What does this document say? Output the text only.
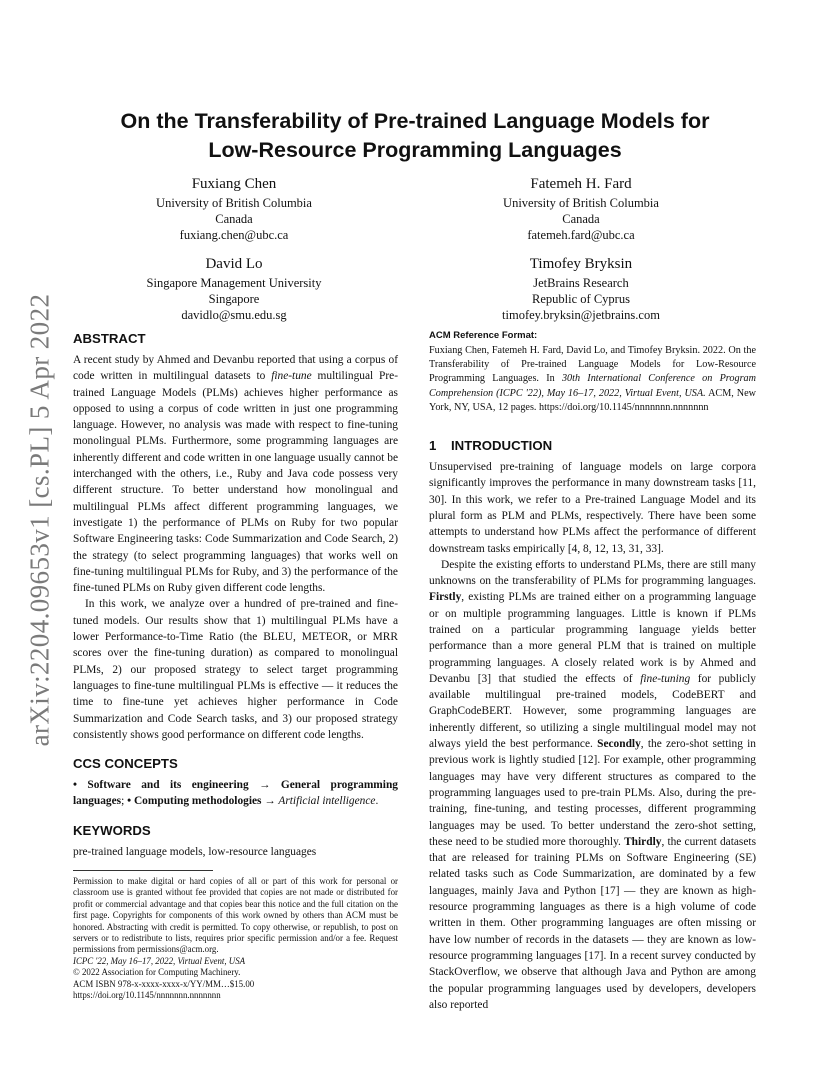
arXiv:2204.09653v1 [cs.PL] 5 Apr 2022
On the Transferability of Pre-trained Language Models for
Low-Resource Programming Languages
Fuxiang Chen
University of British Columbia
Canada
fuxiang.chen@ubc.ca
Fatemeh H. Fard
University of British Columbia
Canada
fatemeh.fard@ubc.ca
David Lo
Singapore Management University
Singapore
davidlo@smu.edu.sg
Timofey Bryksin
JetBrains Research
Republic of Cyprus
timofey.bryksin@jetbrains.com
ABSTRACT

A recent study by Ahmed and Devanbu reported that using a corpus of code written in multilingual datasets to fine-tune multilingual Pre-trained Language Models (PLMs) achieves higher performance as opposed to using a corpus of code written in just one programming language. However, no analysis was made with respect to fine-tuning monolingual PLMs. Furthermore, some programming languages are inherently different and code written in one language usually cannot be interchanged with the others, i.e., Ruby and Java code possess very different structure. To better understand how monolingual and multilingual PLMs affect different programming languages, we investigate 1) the performance of PLMs on Ruby for two popular Software Engineering tasks: Code Summarization and Code Search, 2) the strategy (to select programming languages) that works well on fine-tuning multilingual PLMs for Ruby, and 3) the performance of the fine-tuned PLMs on Ruby given different code lengths.

In this work, we analyze over a hundred of pre-trained and fine-tuned models. Our results show that 1) multilingual PLMs have a lower Performance-to-Time Ratio (the BLEU, METEOR, or MRR scores over the fine-tuning duration) as compared to monolingual PLMs, 2) our proposed strategy to select target programming languages to fine-tune multilingual PLMs is effective — it reduces the time to fine-tune yet achieves higher performance in Code Summarization and Code Search tasks, and 3) our proposed strategy consistently shows good performance on different code lengths.

CCS CONCEPTS

• Software and its engineering → General programming languages; • Computing methodologies → Artificial intelligence.

KEYWORDS

pre-trained language models, low-resource languages

Permission to make digital or hard copies of all or part of this work for personal or classroom use is granted without fee provided that copies are not made or distributed for profit or commercial advantage and that copies bear this notice and the full citation on the first page. Copyrights for components of this work owned by others than ACM must be honored. Abstracting with credit is permitted. To copy otherwise, or republish, to post on servers or to redistribute to lists, requires prior specific permission and/or a fee. Request permissions from permissions@acm.org.
ICPC '22, May 16–17, 2022, Virtual Event, USA
© 2022 Association for Computing Machinery.
ACM ISBN 978-x-xxxx-xxxx-x/YY/MM…$15.00
https://doi.org/10.1145/nnnnnnn.nnnnnnn
ACM Reference Format:

Fuxiang Chen, Fatemeh H. Fard, David Lo, and Timofey Bryksin. 2022. On the Transferability of Pre-trained Language Models for Low-Resource Programming Languages. In 30th International Conference on Program Comprehension (ICPC '22), May 16–17, 2022, Virtual Event, USA. ACM, New York, NY, USA, 12 pages. https://doi.org/10.1145/nnnnnnn.nnnnnnn

1 INTRODUCTION

Unsupervised pre-training of language models on large corpora significantly improves the performance in many downstream tasks [11, 30]. In this work, we refer to a Pre-trained Language Model and its plural form as PLM and PLMs, respectively. There have been some attempts to understand how PLMs affect the performance of different downstream tasks empirically [4, 8, 12, 13, 31, 33].

Despite the existing efforts to understand PLMs, there are still many unknowns on the transferability of PLMs for programming languages. Firstly, existing PLMs are trained either on a programming language or on multiple programming languages. Little is known if PLMs trained on a particular programming language yields better performance than a more general PLM that is trained on multiple programming languages. A closely related work is by Ahmed and Devanbu [3] that studied the effects of fine-tuning for publicly available multilingual pre-trained models, CodeBERT and GraphCodeBERT. However, some programming languages are inherently different, so utilizing a single multilingual model may not always yield the best performance. Secondly, the zero-shot setting in previous work is lightly studied [12]. For example, other programming languages may have very different structures as compared to the programming languages used to pre-train PLMs. Also, during the pre-training, fine-tuning, and testing processes, different programming languages may be used. To better understand the zero-shot setting, these need to be studied more thoroughly. Thirdly, the current datasets that are released for training PLMs on Software Engineering (SE) related tasks such as Code Summarization, are dominated by a few languages, mainly Java and Python [17] — they are known as high-resource programming languages as there is a high volume of code written in them. Other programming languages are often missing or have low number of records in the datasets — they are known as low-resource programming languages [17]. In a recent survey conducted by StackOverflow, we observe that although Java and Python are among the popular programming languages used by developers, developers also reported
